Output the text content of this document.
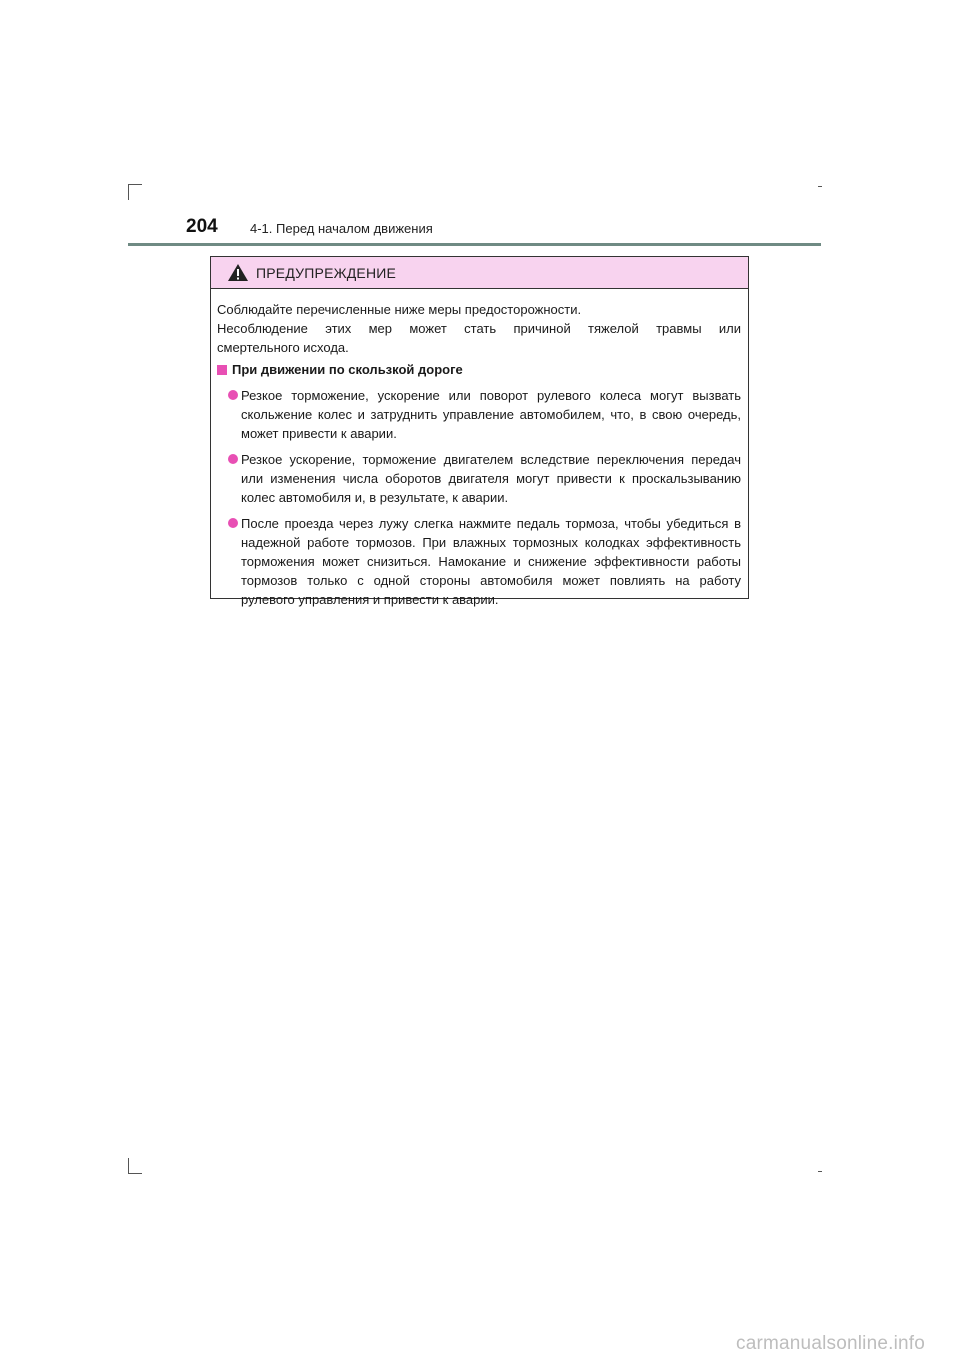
204 4-1. Перед началом движения
ПРЕДУПРЕЖДЕНИЕ
Соблюдайте перечисленные ниже меры предосторожности.
Несоблюдение этих мер может стать причиной тяжелой травмы или
смертельного исхода.
При движении по скользкой дороге
Резкое торможение, ускорение или поворот рулевого колеса могут вызвать скольжение колес и затруднить управление автомобилем, что, в свою очередь, может привести к аварии.
Резкое ускорение, торможение двигателем вследствие переключения передач или изменения числа оборотов двигателя могут привести к проскальзыванию колес автомобиля и, в результате, к аварии.
После проезда через лужу слегка нажмите педаль тормоза, чтобы убедиться в надежной работе тормозов. При влажных тормозных колодках эффективность торможения может снизиться. Намокание и снижение эффективности работы тормозов только с одной стороны автомобиля может повлиять на работу рулевого управления и привести к аварии.
carmanualsonline.info
